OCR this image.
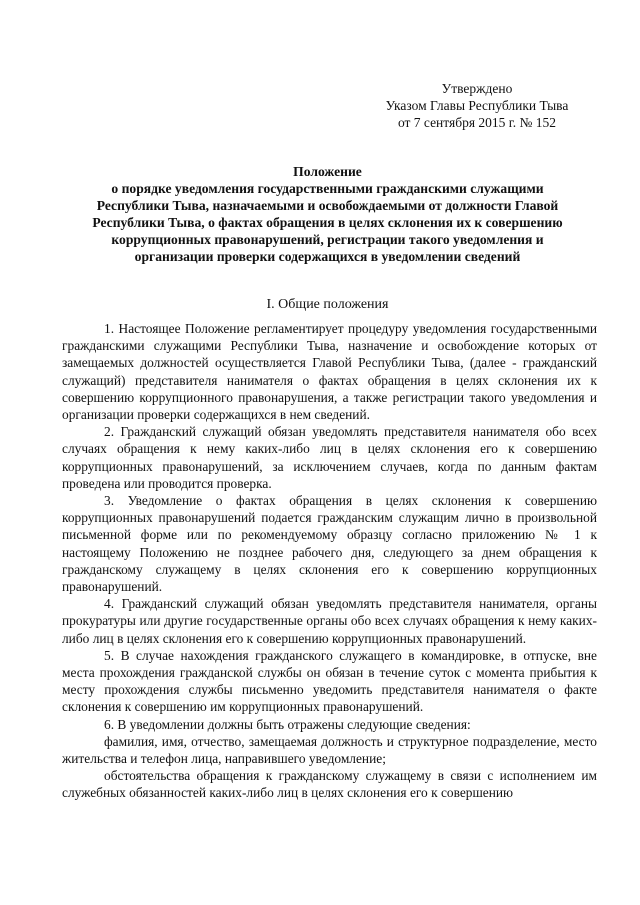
Утверждено
Указом Главы Республики Тыва
от 7 сентября 2015 г. № 152
Положение
о порядке уведомления государственными гражданскими служащими
Республики Тыва, назначаемыми и освобождаемыми от должности Главой
Республики Тыва, о фактах обращения в целях склонения их к совершению
коррупционных правонарушений, регистрации такого уведомления и
организации проверки содержащихся в уведомлении сведений
I. Общие положения

1. Настоящее Положение регламентирует процедуру уведомления государственными гражданскими служащими Республики Тыва, назначение и освобождение которых от замещаемых должностей осуществляется Главой Республики Тыва, (далее - гражданский служащий) представителя нанимателя о фактах обращения в целях склонения их к совершению коррупционного правонарушения, а также регистрации такого уведомления и организации проверки содержащихся в нем сведений.

2. Гражданский служащий обязан уведомлять представителя нанимателя обо всех случаях обращения к нему каких-либо лиц в целях склонения его к совершению коррупционных правонарушений, за исключением случаев, когда по данным фактам проведена или проводится проверка.

3. Уведомление о фактах обращения в целях склонения к совершению коррупционных правонарушений подается гражданским служащим лично в произвольной письменной форме или по рекомендуемому образцу согласно приложению № 1 к настоящему Положению не позднее рабочего дня, следующего за днем обращения к гражданскому служащему в целях склонения его к совершению коррупционных правонарушений.

4. Гражданский служащий обязан уведомлять представителя нанимателя, органы прокуратуры или другие государственные органы обо всех случаях обращения к нему каких-либо лиц в целях склонения его к совершению коррупционных правонарушений.

5. В случае нахождения гражданского служащего в командировке, в отпуске, вне места прохождения гражданской службы он обязан в течение суток с момента прибытия к месту прохождения службы письменно уведомить представителя нанимателя о факте склонения к совершению им коррупционных правонарушений.

6. В уведомлении должны быть отражены следующие сведения:

фамилия, имя, отчество, замещаемая должность и структурное подразделение, место жительства и телефон лица, направившего уведомление;

обстоятельства обращения к гражданскому служащему в связи с исполнением им служебных обязанностей каких-либо лиц в целях склонения его к совершению
